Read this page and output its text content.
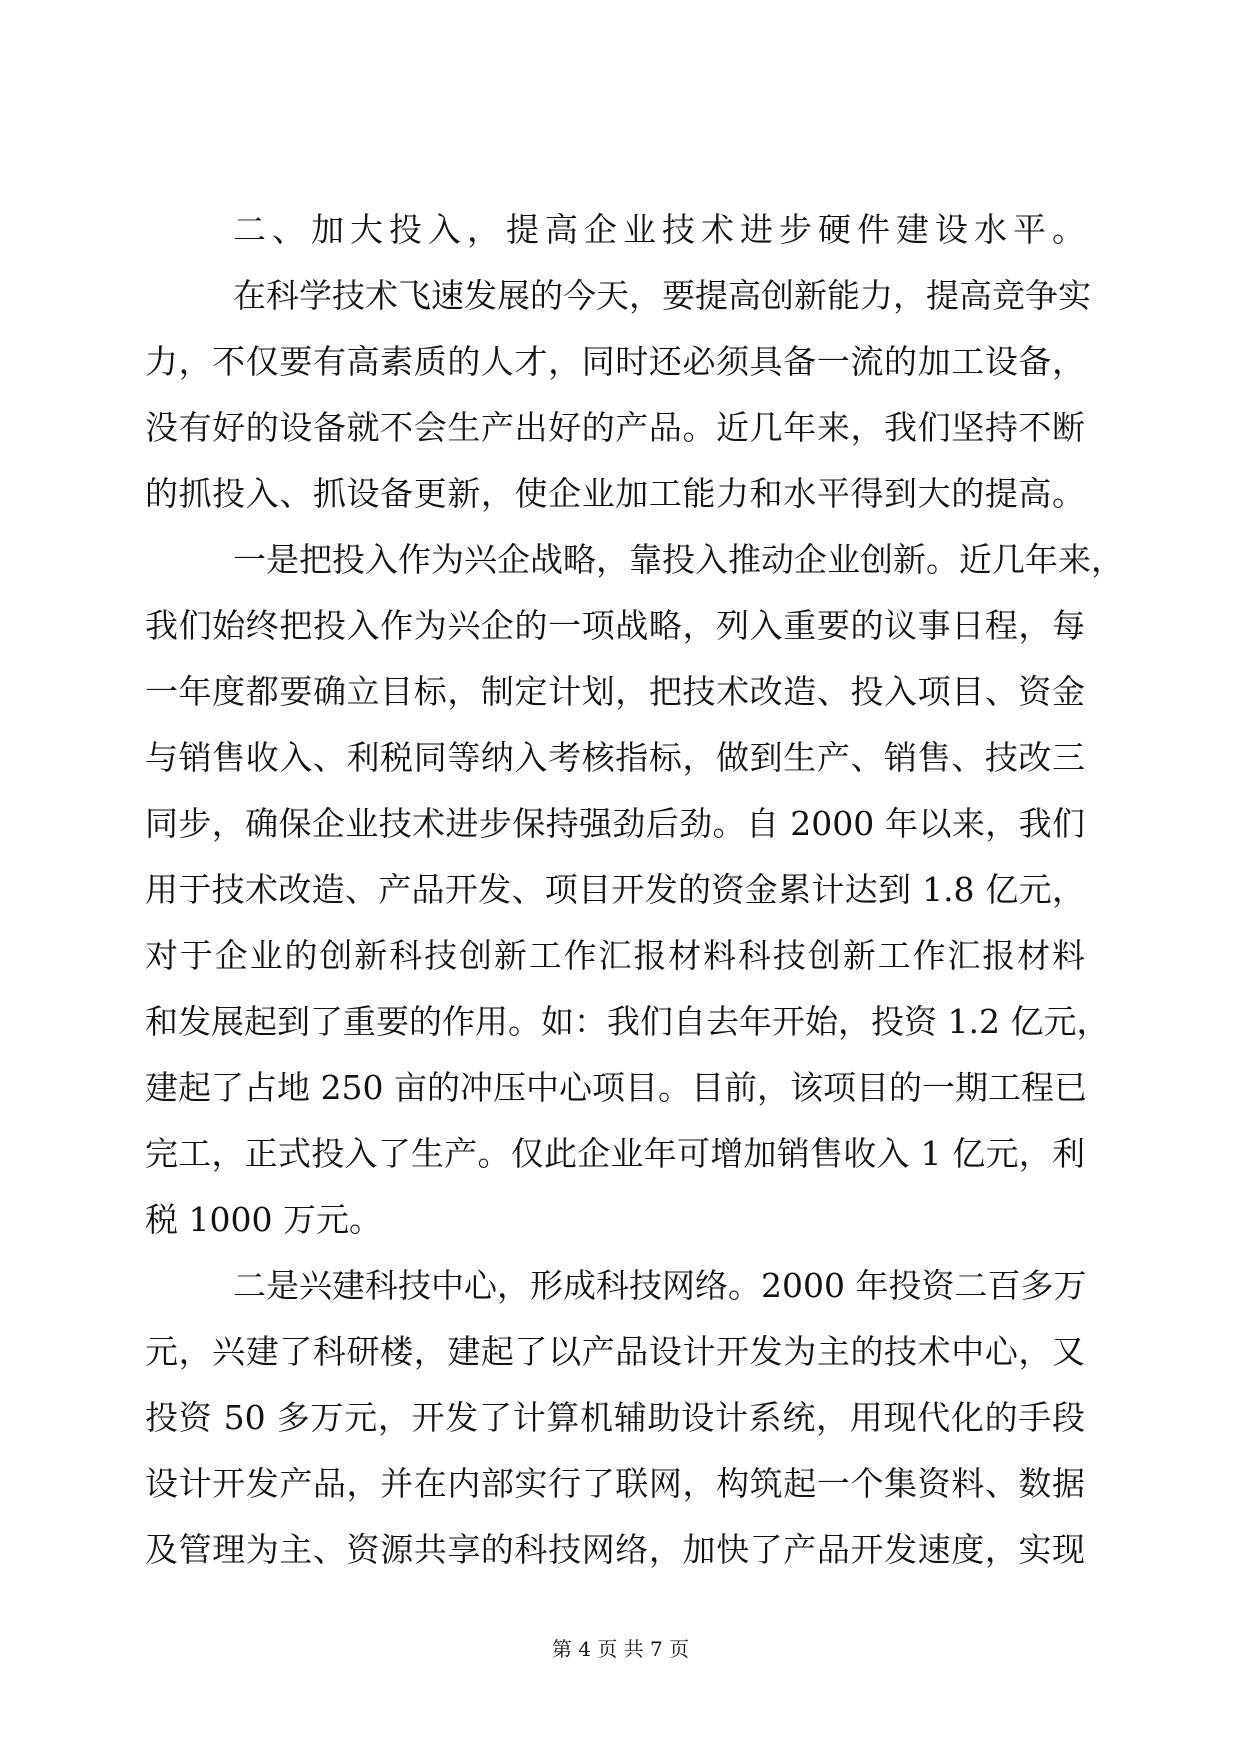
二、加大投入，提高企业技术进步硬件建设水平。
在科学技术飞速发展的今天，要提高创新能力，提高竞争实
力，不仅要有高素质的人才，同时还必须具备一流的加工设备，
没有好的设备就不会生产出好的产品。近几年来，我们坚持不断
的抓投入、抓设备更新，使企业加工能力和水平得到大的提高。
一是把投入作为兴企战略，靠投入推动企业创新。近几年来，
我们始终把投入作为兴企的一项战略，列入重要的议事日程，每
一年度都要确立目标，制定计划，把技术改造、投入项目、资金
与销售收入、利税同等纳入考核指标，做到生产、销售、技改三
同步，确保企业技术进步保持强劲后劲。自 2000 年以来，我们
用于技术改造、产品开发、项目开发的资金累计达到 1.8 亿元，
对于企业的创新科技创新工作汇报材料科技创新工作汇报材料
和发展起到了重要的作用。如：我们自去年开始，投资 1.2 亿元，
建起了占地 250 亩的冲压中心项目。目前，该项目的一期工程已
完工，正式投入了生产。仅此企业年可增加销售收入 1 亿元，利
税 1000 万元。
二是兴建科技中心，形成科技网络。2000 年投资二百多万
元，兴建了科研楼，建起了以产品设计开发为主的技术中心，又
投资 50 多万元，开发了计算机辅助设计系统，用现代化的手段
设计开发产品，并在内部实行了联网，构筑起一个集资料、数据
及管理为主、资源共享的科技网络，加快了产品开发速度，实现
第 4 页 共 7 页
